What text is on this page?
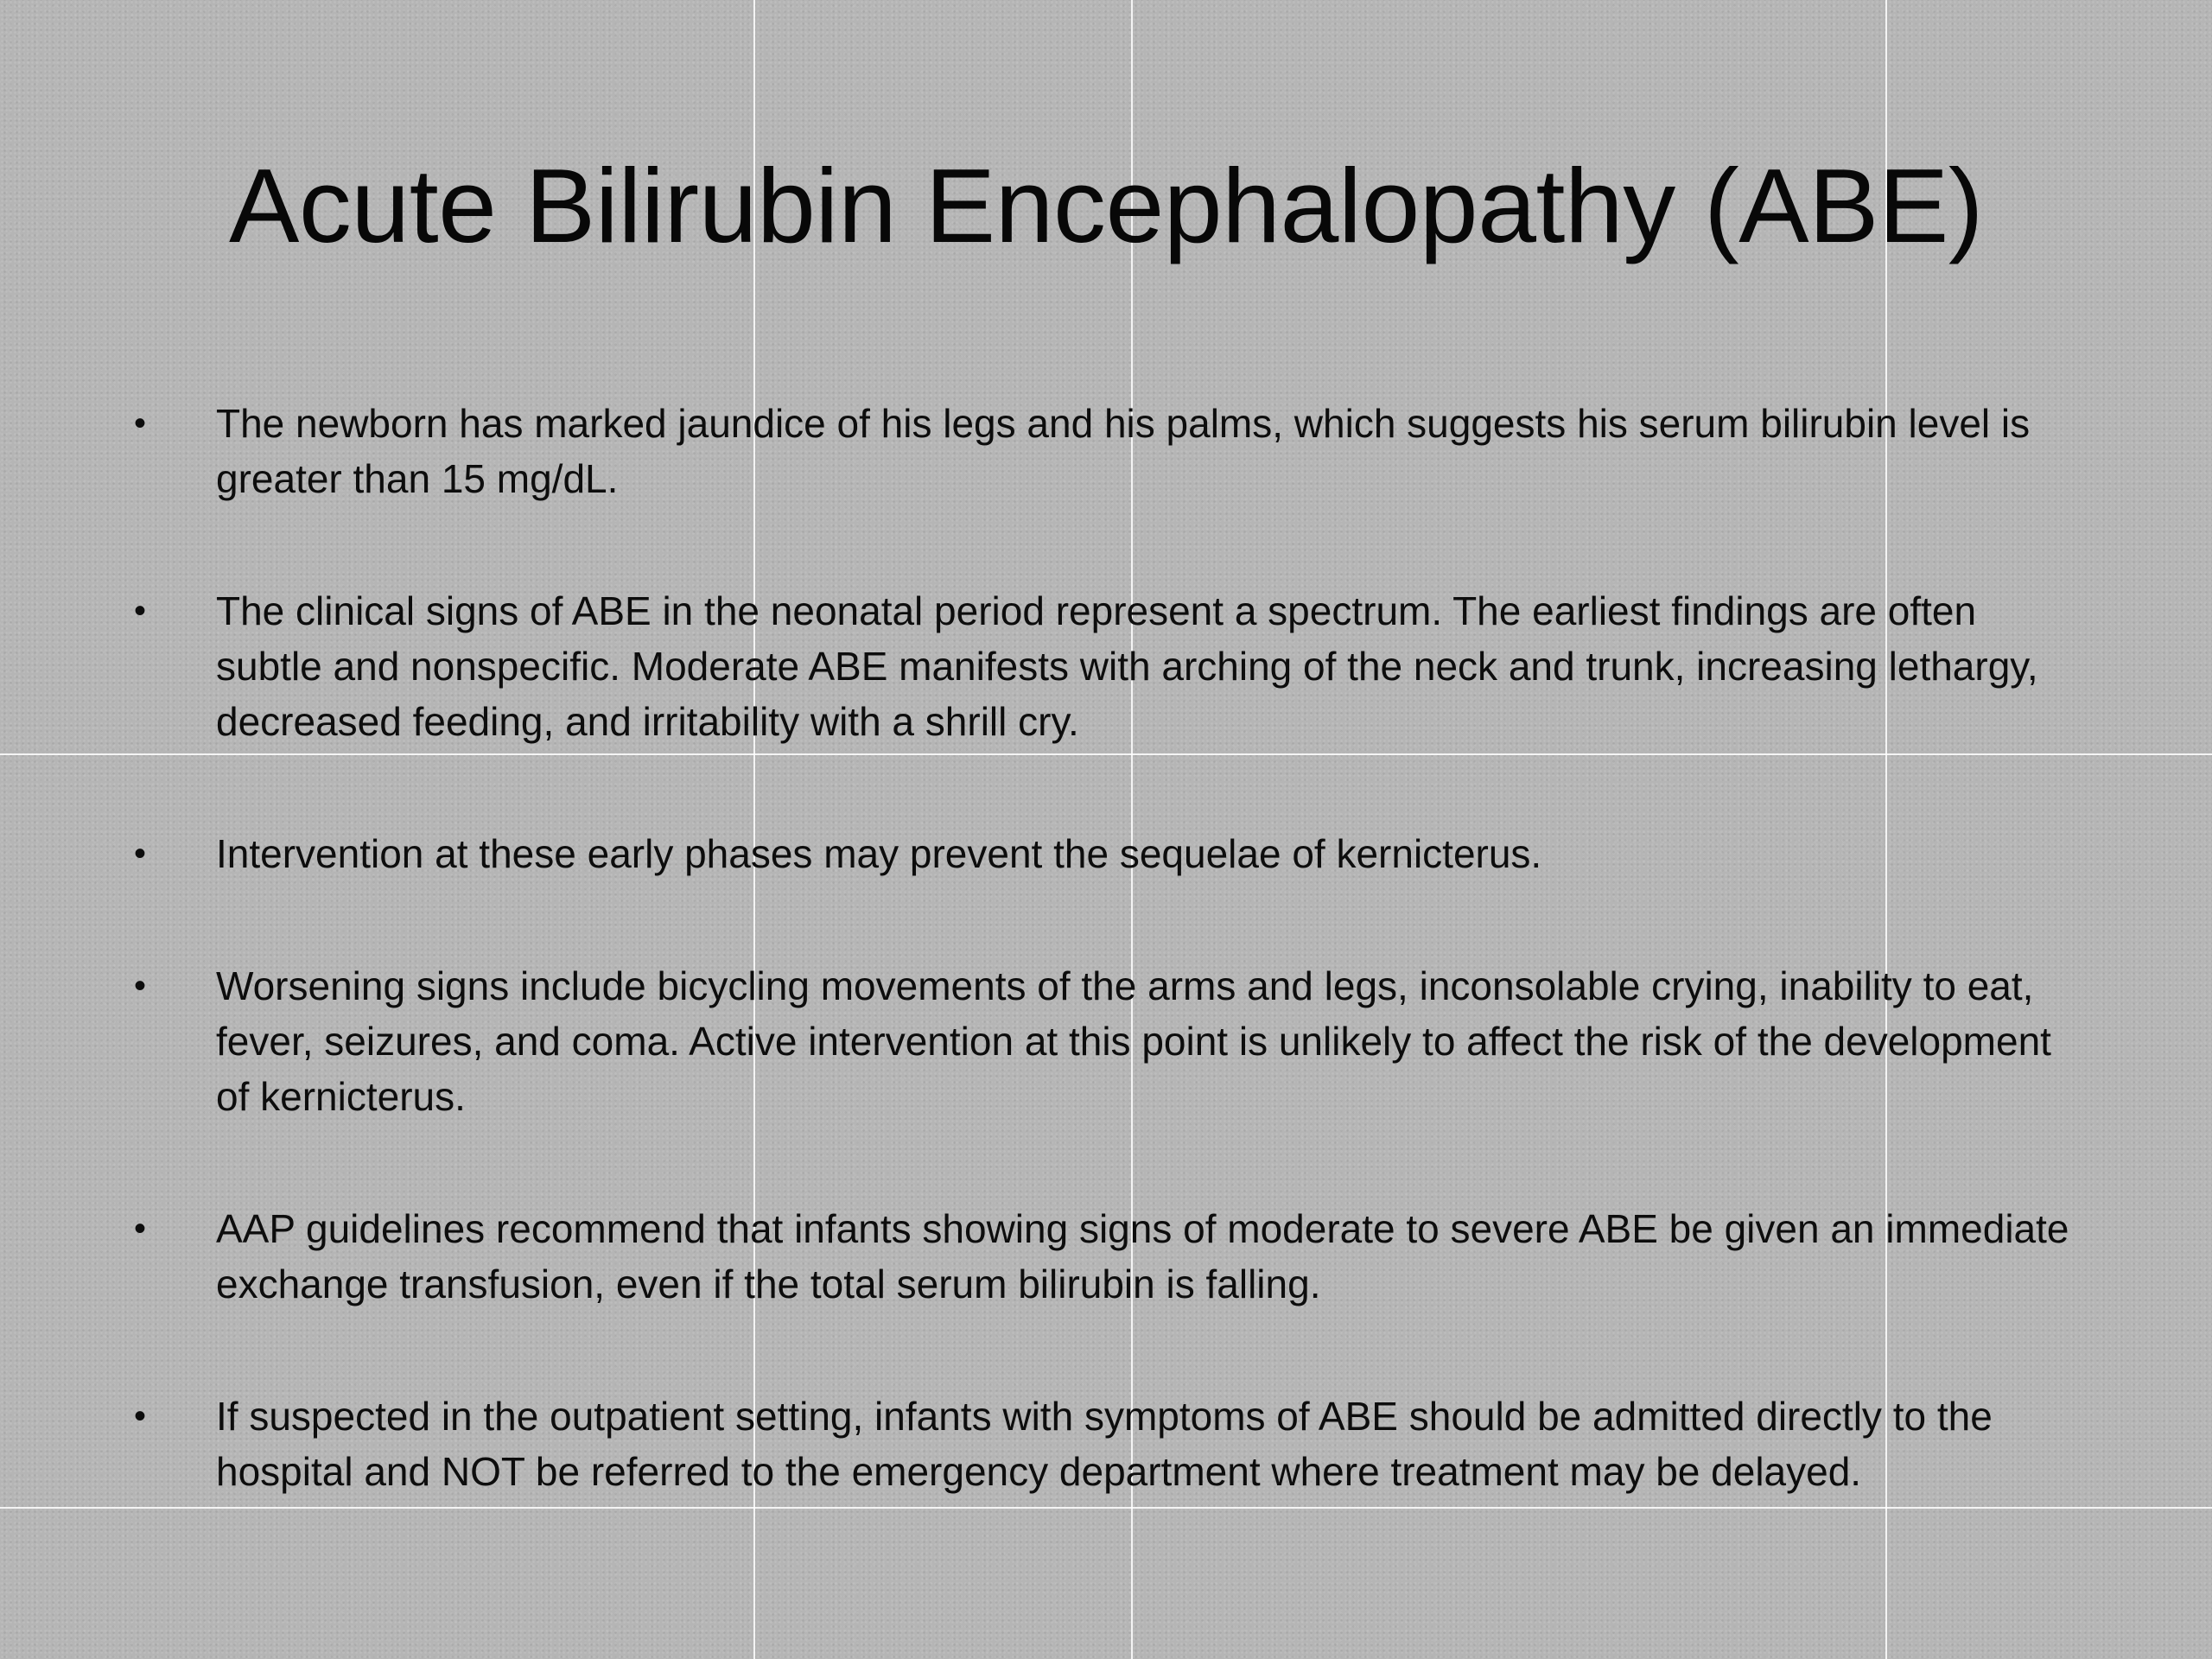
Acute Bilirubin Encephalopathy (ABE)
• The newborn has marked jaundice of his legs and his palms, which suggests his serum bilirubin level is greater than 15 mg/dL.
• The clinical signs of ABE in the neonatal period represent a spectrum. The earliest findings are often subtle and nonspecific. Moderate ABE manifests with arching of the neck and trunk, increasing lethargy, decreased feeding, and irritability with a shrill cry.
• Intervention at these early phases may prevent the sequelae of kernicterus.
• Worsening signs include bicycling movements of the arms and legs, inconsolable crying, inability to eat, fever, seizures, and coma. Active intervention at this point is unlikely to affect the risk of the development of kernicterus.
• AAP guidelines recommend that infants showing signs of moderate to severe ABE be given an immediate exchange transfusion, even if the total serum bilirubin is falling.
• If suspected in the outpatient setting, infants with symptoms of ABE should be admitted directly to the hospital and NOT be referred to the emergency department where treatment may be delayed.
